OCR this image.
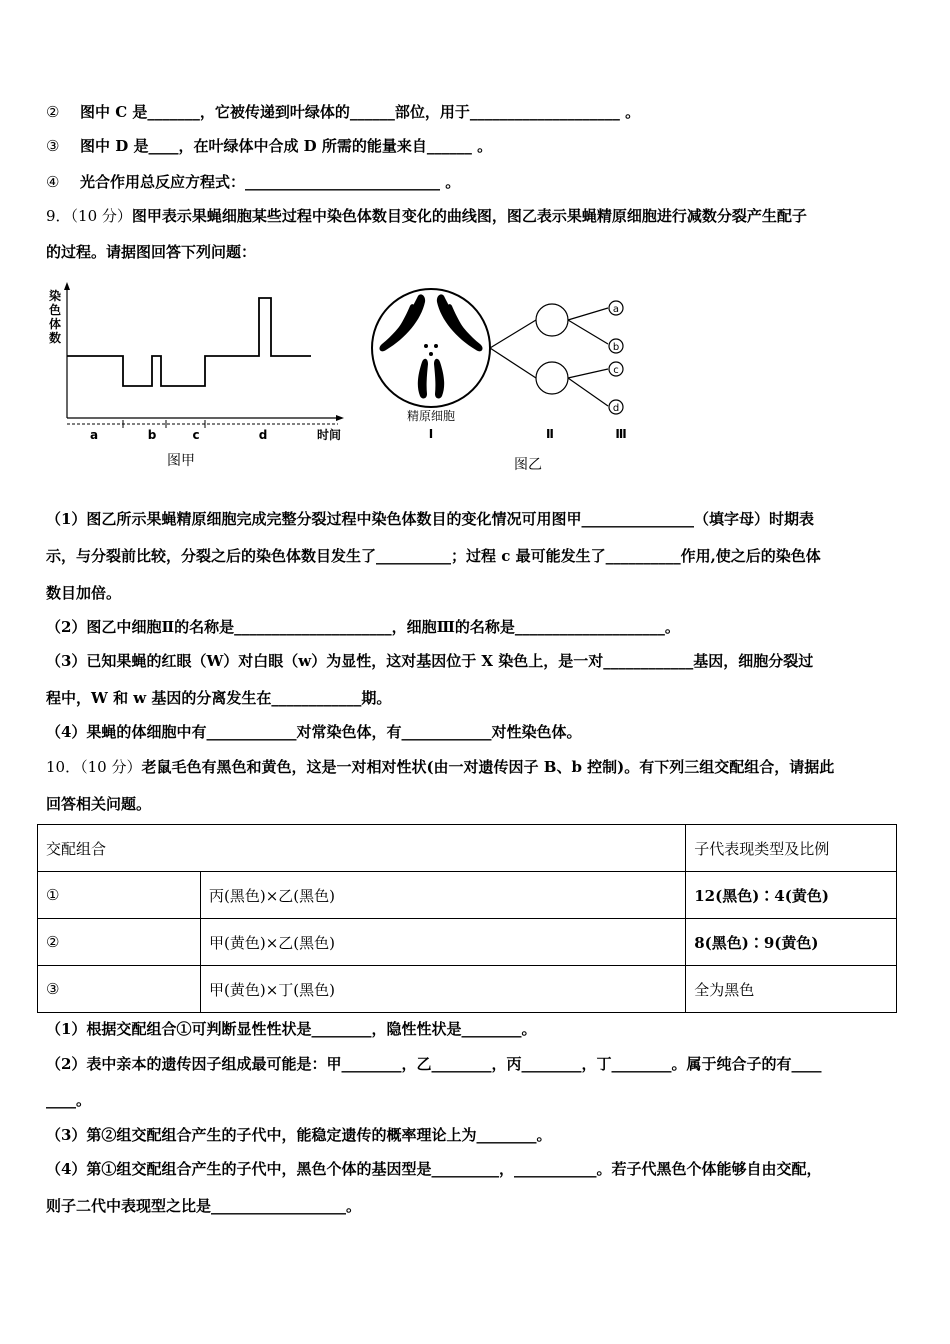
② 图中 C 是_______，它被传递到叶绿体的______部位，用于____________________ 。
③ 图中 D 是____，在叶绿体中合成 D 所需的能量来自______ 。
④ 光合作用总反应方程式：__________________________ 。
9．（10 分）图甲表示果蝇细胞某些过程中染色体数目变化的曲线图，图乙表示果蝇精原细胞进行减数分裂产生配子
的过程。请据图回答下列问题：
染
色
体
数
a	b	c	d	时间
图甲
精原细胞
Ⅰ
a
b
c
d
Ⅱ	Ⅲ
图乙
（1）图乙所示果蝇精原细胞完成完整分裂过程中染色体数目的变化情况可用图甲_______________（填字母）时期表
示，与分裂前比较，分裂之后的染色体数目发生了__________；过程 c 最可能发生了__________作用,使之后的染色体
数目加倍。
（2）图乙中细胞Ⅱ的名称是_____________________，细胞Ⅲ的名称是____________________。
（3）已知果蝇的红眼（W）对白眼（w）为显性，这对基因位于 X 染色上，是一对____________基因，细胞分裂过
程中，W 和 w 基因的分离发生在____________期。
（4）果蝇的体细胞中有____________对常染色体，有____________对性染色体。
10．（10 分）老鼠毛色有黑色和黄色，这是一对相对性状(由一对遗传因子 B、b 控制)。有下列三组交配组合，请据此
回答相关问题。
交配组合		子代表现类型及比例
①	丙(黑色)×乙(黑色)	12(黑色)∶4(黄色)
②	甲(黄色)×乙(黑色)	8(黑色)∶9(黄色)
③	甲(黄色)×丁(黑色)	全为黑色
（1）根据交配组合①可判断显性性状是________，隐性性状是________。
（2）表中亲本的遗传因子组成最可能是：甲________，乙________，丙________，丁________。属于纯合子的有____
____。
（3）第②组交配组合产生的子代中，能稳定遗传的概率理论上为________。
（4）第①组交配组合产生的子代中，黑色个体的基因型是_________，___________。若子代黑色个体能够自由交配，
则子二代中表现型之比是__________________。
